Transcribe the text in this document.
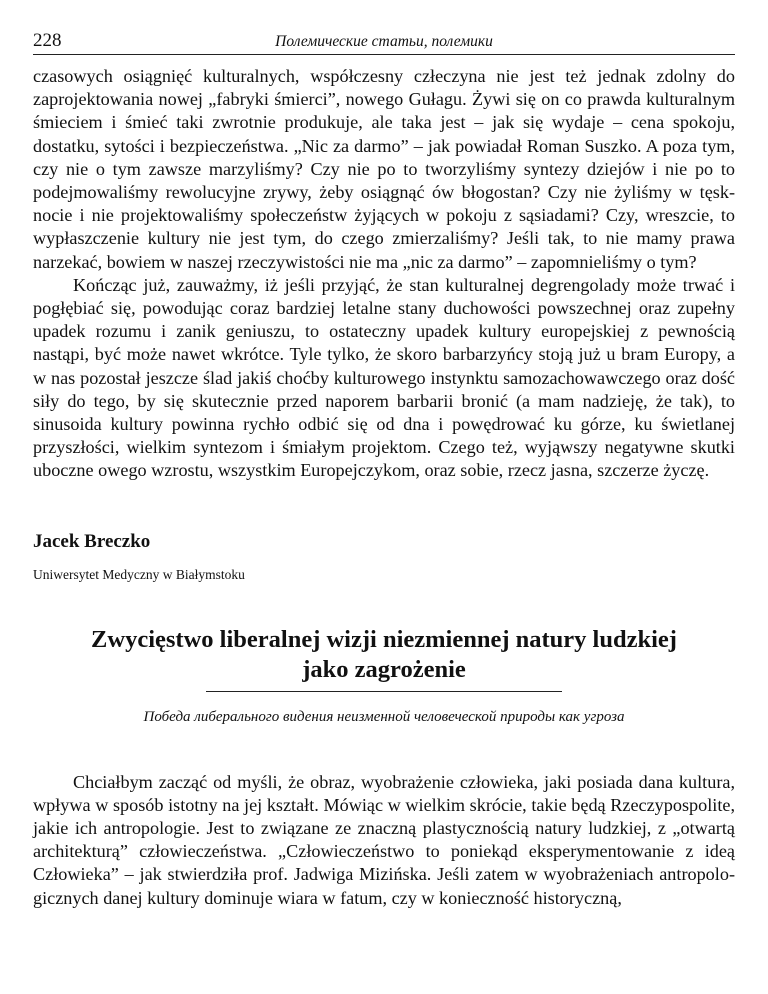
228	Полемические статьи, полемики

czasowych osiągnięć kulturalnych, współczesny człeczyna nie jest też jednak zdolny do zaprojektowania nowej „fabryki śmierci”, nowego Gułagu. Żywi się on co prawda kulturalnym śmieciem i śmieć taki zwrotnie produkuje, ale taka jest – jak się wydaje – cena spokoju, dostatku, sytości i bezpieczeństwa. „Nic za darmo” – jak powiadał Roman Suszko. A poza tym, czy nie o tym zawsze marzyliśmy? Czy nie po to tworzyliśmy syntezy dziejów i nie po to podejmowaliśmy rewolucyjne zrywy, żeby osiągnąć ów błogostan? Czy nie żyliśmy w tęsknocie i nie projektowaliśmy społeczeństw żyjących w pokoju z sąsiadami? Czy, wreszcie, to wypłaszczenie kultury nie jest tym, do czego zmierzaliśmy? Jeśli tak, to nie mamy prawa narzekać, bowiem w naszej rzeczywistości nie ma „nic za darmo” – zapomnieliśmy o tym?

Kończąc już, zauważmy, iż jeśli przyjąć, że stan kulturalnej degrengolady może trwać i pogłębiać się, powodując coraz bardziej letalne stany duchowości powszechnej oraz zupełny upadek rozumu i zanik geniuszu, to ostateczny upadek kultury europejskiej z pewnością nastąpi, być może nawet wkrótce. Tyle tylko, że skoro barbarzyńcy stoją już u bram Europy, a w nas pozostał jeszcze ślad jakiś choćby kulturowego instynktu samozachowawczego oraz dość siły do tego, by się skutecznie przed naporem barbarii bronić (a mam nadzieję, że tak), to sinusoida kultury powinna rychło odbić się od dna i powędrować ku górze, ku świetlanej przyszłości, wielkim syntezom i śmiałym projektom. Czego też, wyjąwszy negatywne skutki uboczne owego wzrostu, wszystkim Europejczykom, oraz sobie, rzecz jasna, szczerze życzę.

Jacek Breczko
Uniwersytet Medyczny w Białymstoku
Zwycięstwo liberalnej wizji niezmiennej natury ludzkiej
jako zagrożenie
Победа либерального видения неизменной человеческой природы как угроза

Chciałbym zacząć od myśli, że obraz, wyobrażenie człowieka, jaki posiada dana kultura, wpływa w sposób istotny na jej kształt. Mówiąc w wielkim skrócie, takie będą Rzeczypospolite, jakie ich antropologie. Jest to związane ze znaczną plastycznością natury ludzkiej, z „otwartą architekturą” człowieczeństwa. „Człowieczeństwo to poniekąd eksperymentowanie z ideą Człowieka” – jak stwierdziła prof. Jadwiga Mizińska. Jeśli zatem w wyobrażeniach antropologicznych danej kultury dominuje wiara w fatum, czy w konieczność historyczną,
